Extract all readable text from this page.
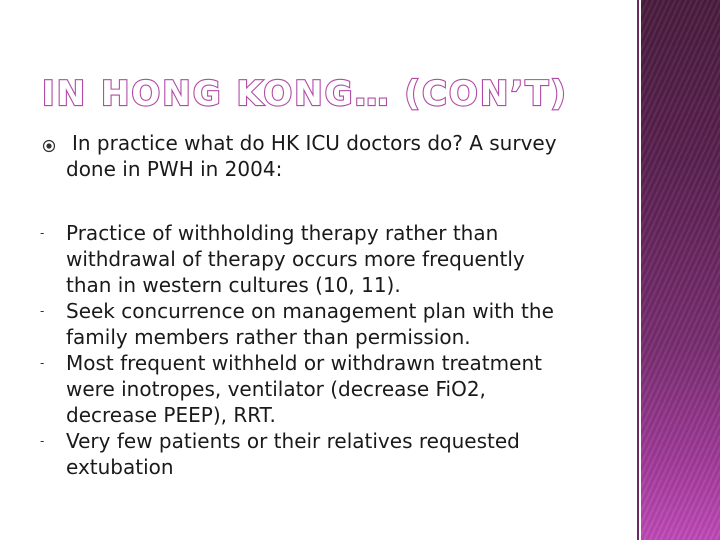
IN HONG KONG… (CON’T)
In practice what do HK ICU doctors do? A survey
done in PWH in 2004:
- Practice of withholding therapy rather than
withdrawal of therapy occurs more frequently
than in western cultures (10, 11).
- Seek concurrence on management plan with the
family members rather than permission.
- Most frequent withheld or withdrawn treatment
were inotropes, ventilator (decrease FiO2,
decrease PEEP), RRT.
- Very few patients or their relatives requested
extubation
